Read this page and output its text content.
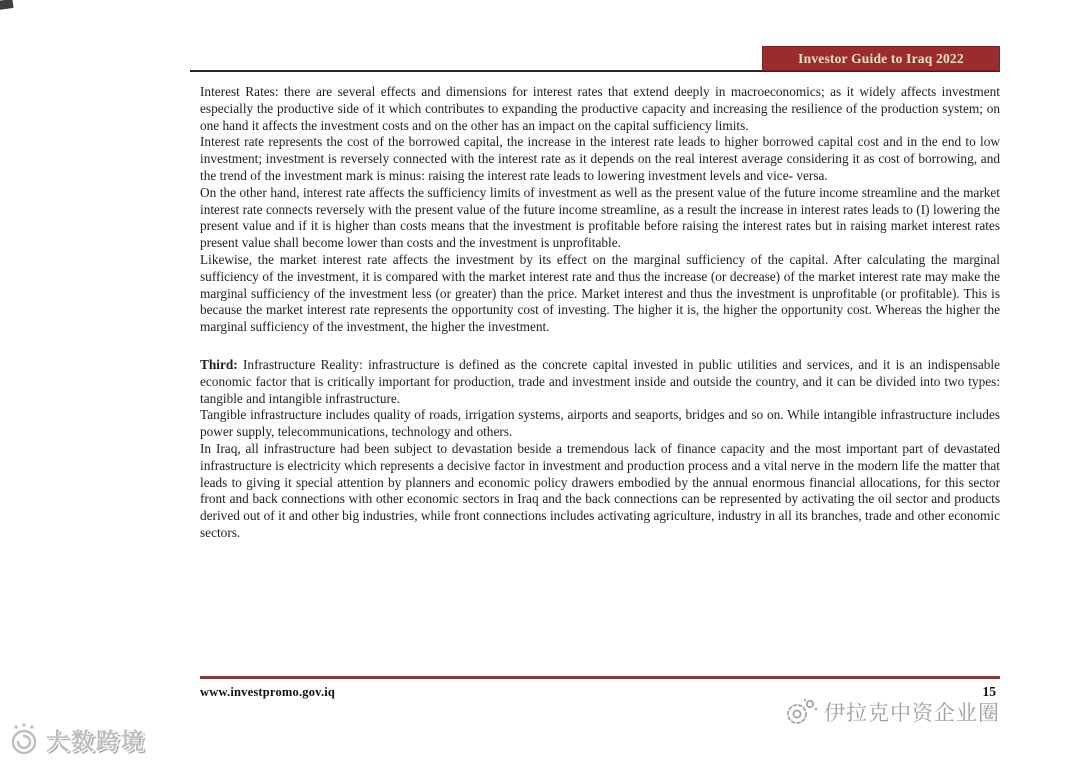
Investor Guide to Iraq 2022

Interest Rates: there are several effects and dimensions for interest rates that extend deeply in macroeconomics; as it widely affects investment especially the productive side of it which contributes to expanding the productive capacity and increasing the resilience of the production system; on one hand it affects the investment costs and on the other has an impact on the capital sufficiency limits.

Interest rate represents the cost of the borrowed capital, the increase in the interest rate leads to higher borrowed capital cost and in the end to low investment; investment is reversely connected with the interest rate as it depends on the real interest average considering it as cost of borrowing, and the trend of the investment mark is minus: raising the interest rate leads to lowering investment levels and vice- versa.

On the other hand, interest rate affects the sufficiency limits of investment as well as the present value of the future income streamline and the market interest rate connects reversely with the present value of the future income streamline, as a result the increase in interest rates leads to (I) lowering the present value and if it is higher than costs means that the investment is profitable before raising the interest rates but in raising market interest rates present value shall become lower than costs and the investment is unprofitable.

Likewise, the market interest rate affects the investment by its effect on the marginal sufficiency of the capital. After calculating the marginal sufficiency of the investment, it is compared with the market interest rate and thus the increase (or decrease) of the market interest rate may make the marginal sufficiency of the investment less (or greater) than the price. Market interest and thus the investment is unprofitable (or profitable). This is because the market interest rate represents the opportunity cost of investing. The higher it is, the higher the opportunity cost. Whereas the higher the marginal sufficiency of the investment, the higher the investment.

Third: Infrastructure Reality: infrastructure is defined as the concrete capital invested in public utilities and services, and it is an indispensable economic factor that is critically important for production, trade and investment inside and outside the country, and it can be divided into two types: tangible and intangible infrastructure.

Tangible infrastructure includes quality of roads, irrigation systems, airports and seaports, bridges and so on. While intangible infrastructure includes power supply, telecommunications, technology and others.

In Iraq, all infrastructure had been subject to devastation beside a tremendous lack of finance capacity and the most important part of devastated infrastructure is electricity which represents a decisive factor in investment and production process and a vital nerve in the modern life the matter that leads to giving it special attention by planners and economic policy drawers embodied by the annual enormous financial allocations, for this sector front and back connections with other economic sectors in Iraq and the back connections can be represented by activating the oil sector and products derived out of it and other big industries, while front connections includes activating agriculture, industry in all its branches, trade and other economic sectors.

www.investpromo.gov.iq	15
大数跨境
伊拉克中资企业圈
